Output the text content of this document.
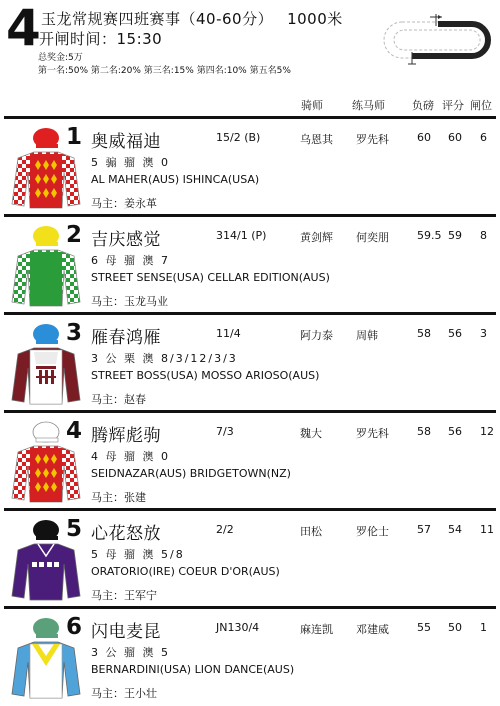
4 玉龙常规赛四班赛事（40-60分） 1000米
开闸时间：15:30
总奖金:5万
第一名:50% 第二名:20% 第三名:15% 第四名:10% 第五名5%
骑师	练马师 负磅 评分 闸位
1 奥威福迪	15/2 (B)	乌恩其 罗先科	60 60 6
5 骟 骝 澳 0
AL MAHER(AUS) ISHINCA(USA)
马主：姜永革
2 吉庆感觉	314/1 (P)	黄剑辉 何奕朋	59.5 59 8
6 母 骝 澳 7
STREET SENSE(USA) CELLAR EDITION(AUS)
马主：玉龙马业
3 雁春鸿雁	11/4	阿力泰 周韩	58 56 3
3 公 栗 澳 8/3/12/3/3
STREET BOSS(USA) MOSSO ARIOSO(AUS)
马主：赵春
4 腾辉彪驹	7/3	魏大	罗先科	58 56 12
4 母 骝 澳 0
SEIDNAZAR(AUS) BRIDGETOWN(NZ)
马主：张建
5 心花怒放	2/2	田松	罗伦士	57 54 11
5 母 骝 澳 5/8
ORATORIO(IRE) COEUR D'OR(AUS)
马主：王军宁
6 闪电麦昆	JN130/4	麻连凯 邓建威	55 50 1
3 公 骝 澳 5
BERNARDINI(USA) LION DANCE(AUS)
马主：王小壮
